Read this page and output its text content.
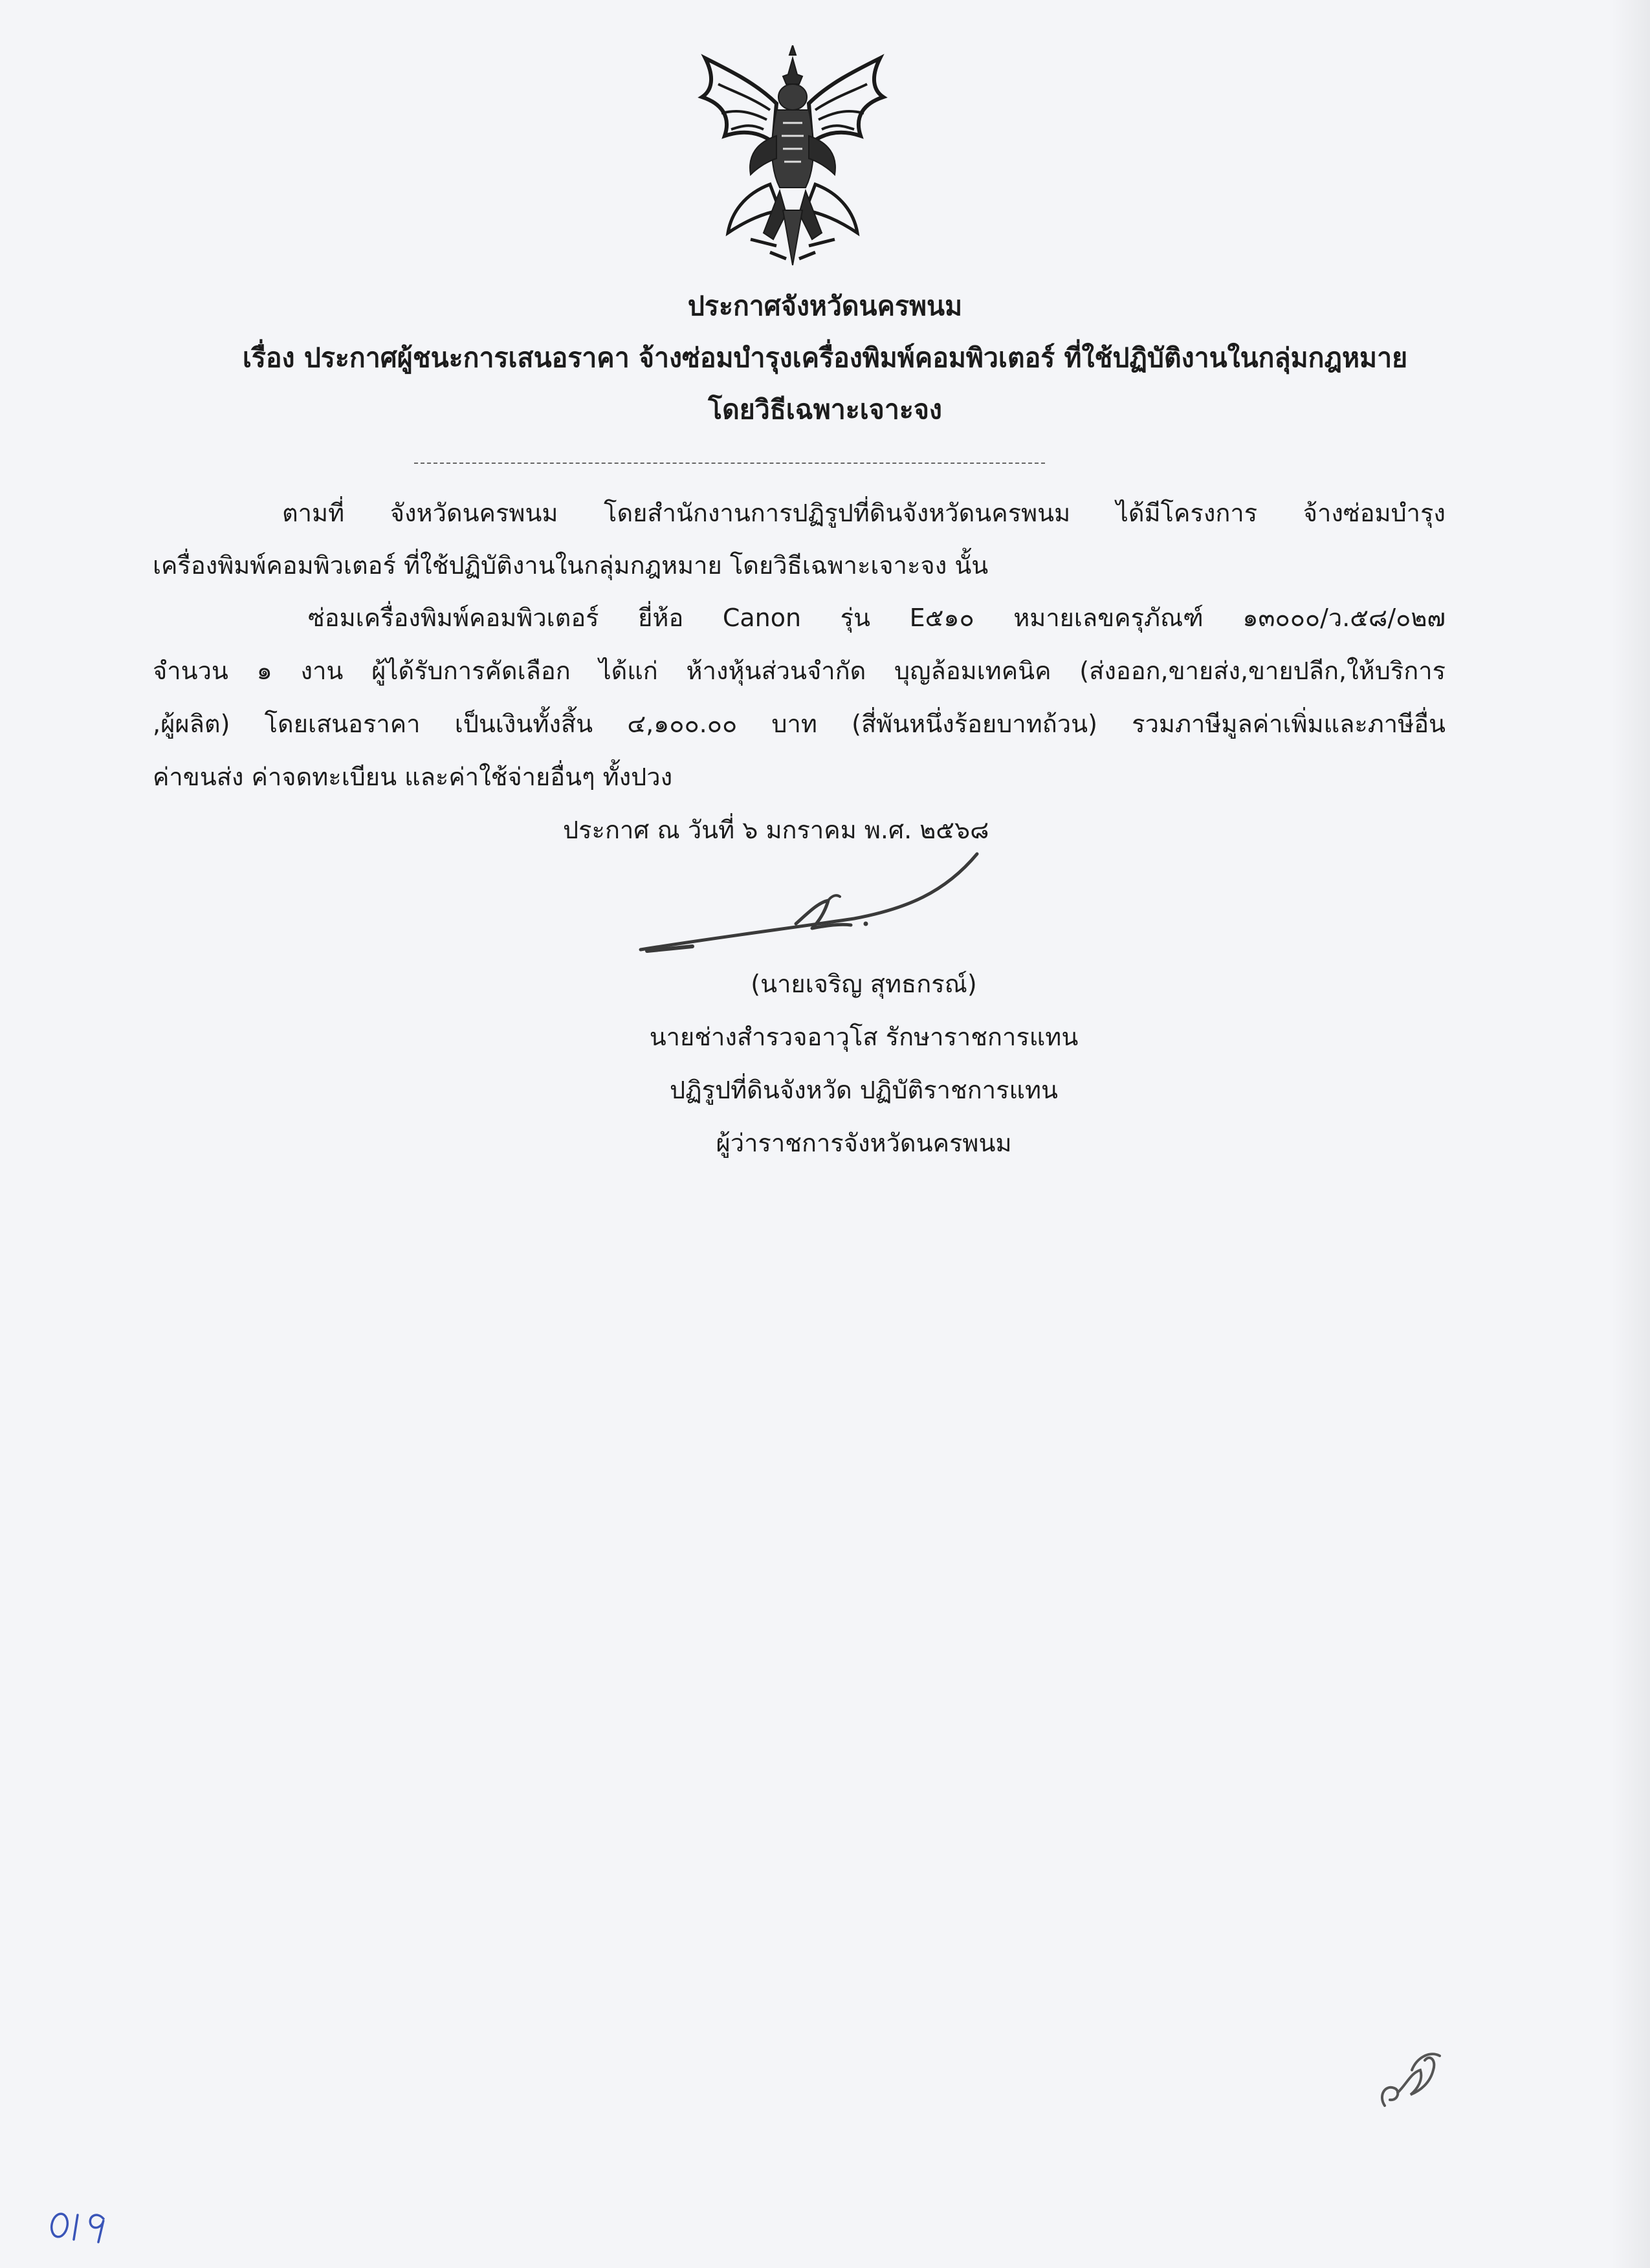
ประกาศจังหวัดนครพนม
เรื่อง ประกาศผู้ชนะการเสนอราคา จ้างซ่อมบำรุงเครื่องพิมพ์คอมพิวเตอร์ ที่ใช้ปฏิบัติงานในกลุ่มกฎหมาย
โดยวิธีเฉพาะเจาะจง
ตามที่ จังหวัดนครพนม โดยสำนักงานการปฏิรูปที่ดินจังหวัดนครพนม ได้มีโครงการ จ้างซ่อมบำรุง
เครื่องพิมพ์คอมพิวเตอร์ ที่ใช้ปฏิบัติงานในกลุ่มกฎหมาย โดยวิธีเฉพาะเจาะจง นั้น
ซ่อมเครื่องพิมพ์คอมพิวเตอร์ ยี่ห้อ Canon รุ่น E๕๑๐ หมายเลขครุภัณฑ์ ๑๓๐๐๐/ว.๕๘/๐๒๗
จำนวน ๑ งาน ผู้ได้รับการคัดเลือก ได้แก่ ห้างหุ้นส่วนจำกัด บุญล้อมเทคนิค (ส่งออก,ขายส่ง,ขายปลีก,ให้บริการ
,ผู้ผลิต) โดยเสนอราคา เป็นเงินทั้งสิ้น ๔,๑๐๐.๐๐ บาท (สี่พันหนึ่งร้อยบาทถ้วน) รวมภาษีมูลค่าเพิ่มและภาษีอื่น
ค่าขนส่ง ค่าจดทะเบียน และค่าใช้จ่ายอื่นๆ ทั้งปวง
ประกาศ ณ วันที่ ๖ มกราคม พ.ศ. ๒๕๖๘
(นายเจริญ สุทธกรณ์)
นายช่างสำรวจอาวุโส รักษาราชการแทน
ปฏิรูปที่ดินจังหวัด ปฏิบัติราชการแทน
ผู้ว่าราชการจังหวัดนครพนม
